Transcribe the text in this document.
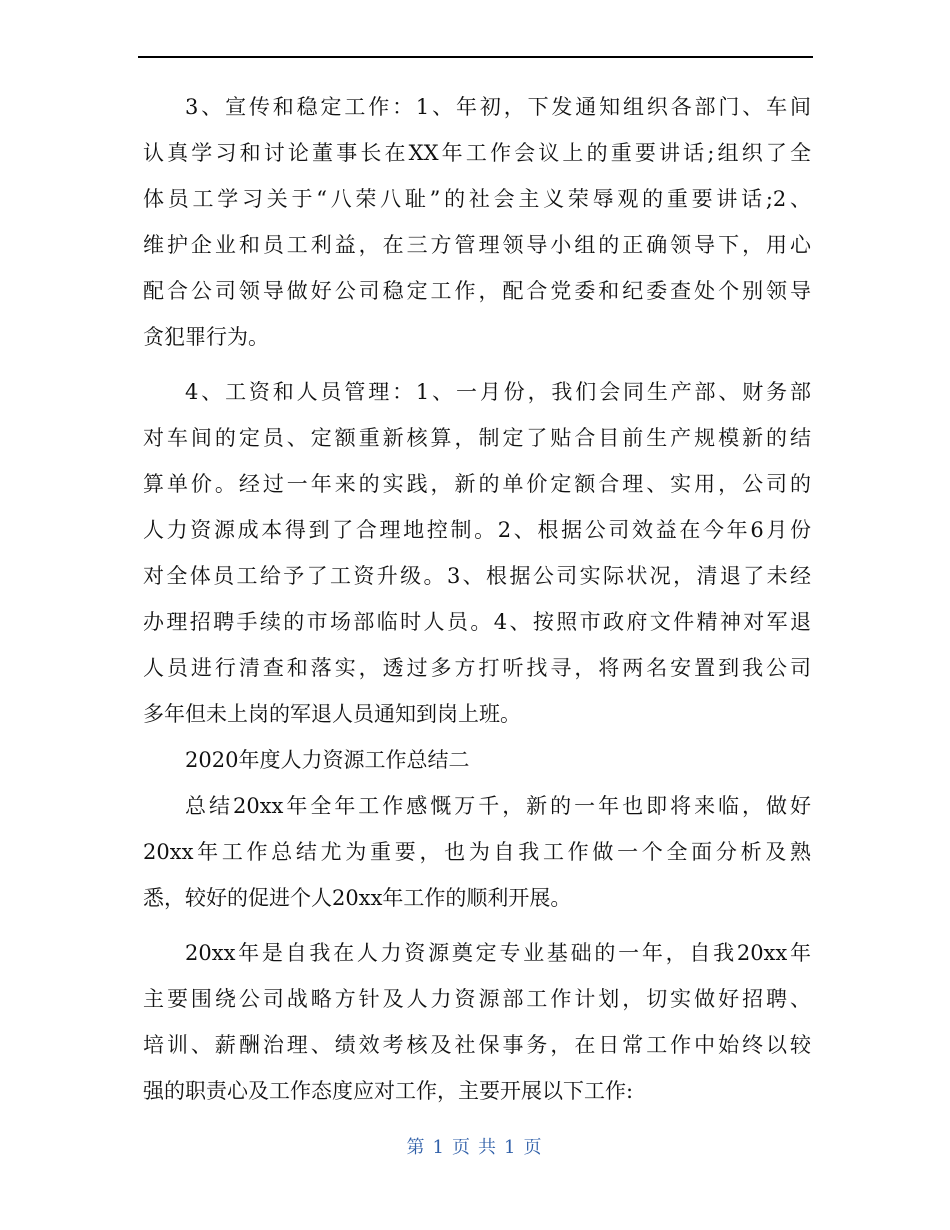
3、宣传和稳定工作：1、年初，下发通知组织各部门、车间
认真学习和讨论董事长在XX年工作会议上的重要讲话;组织了全
体员工学习关于“八荣八耻”的社会主义荣辱观的重要讲话;2、
维护企业和员工利益，在三方管理领导小组的正确领导下，用心
配合公司领导做好公司稳定工作，配合党委和纪委查处个别领导
贪犯罪行为。
4、工资和人员管理：1、一月份，我们会同生产部、财务部
对车间的定员、定额重新核算，制定了贴合目前生产规模新的结
算单价。经过一年来的实践，新的单价定额合理、实用，公司的
人力资源成本得到了合理地控制。2、根据公司效益在今年6月份
对全体员工给予了工资升级。3、根据公司实际状况，清退了未经
办理招聘手续的市场部临时人员。4、按照市政府文件精神对军退
人员进行清查和落实，透过多方打听找寻，将两名安置到我公司
多年但未上岗的军退人员通知到岗上班。
2020年度人力资源工作总结二
总结20xx年全年工作感慨万千，新的一年也即将来临，做好
20xx年工作总结尤为重要，也为自我工作做一个全面分析及熟
悉，较好的促进个人20xx年工作的顺利开展。
20xx年是自我在人力资源奠定专业基础的一年，自我20xx年
主要围绕公司战略方针及人力资源部工作计划，切实做好招聘、
培训、薪酬治理、绩效考核及社保事务，在日常工作中始终以较
强的职责心及工作态度应对工作，主要开展以下工作:
第 1 页 共 1 页
